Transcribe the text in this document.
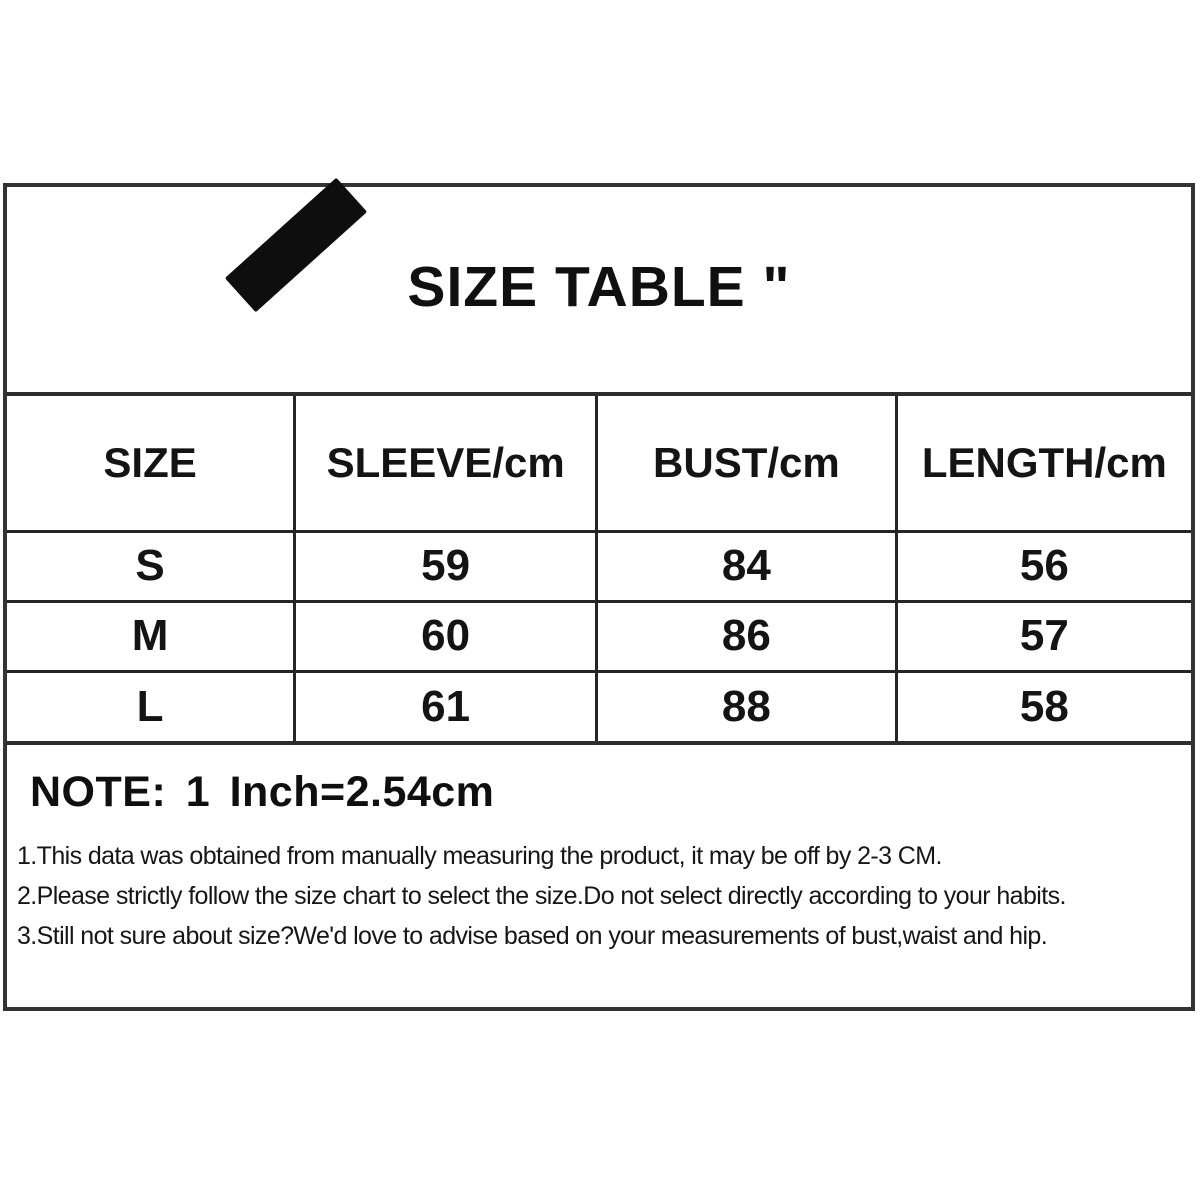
SIZE TABLE "
SIZE	SLEEVE/cm	BUST/cm	LENGTH/cm
S	59	84	56
M	60	86	57
L	61	88	58
NOTE: 1 Inch=2.54cm
1.This data was obtained from manually measuring the product, it may be off by 2-3 CM.
2.Please strictly follow the size chart to select the size.Do not select directly according to your habits.
3.Still not sure about size?We'd love to advise based on your measurements of bust,waist and hip.
